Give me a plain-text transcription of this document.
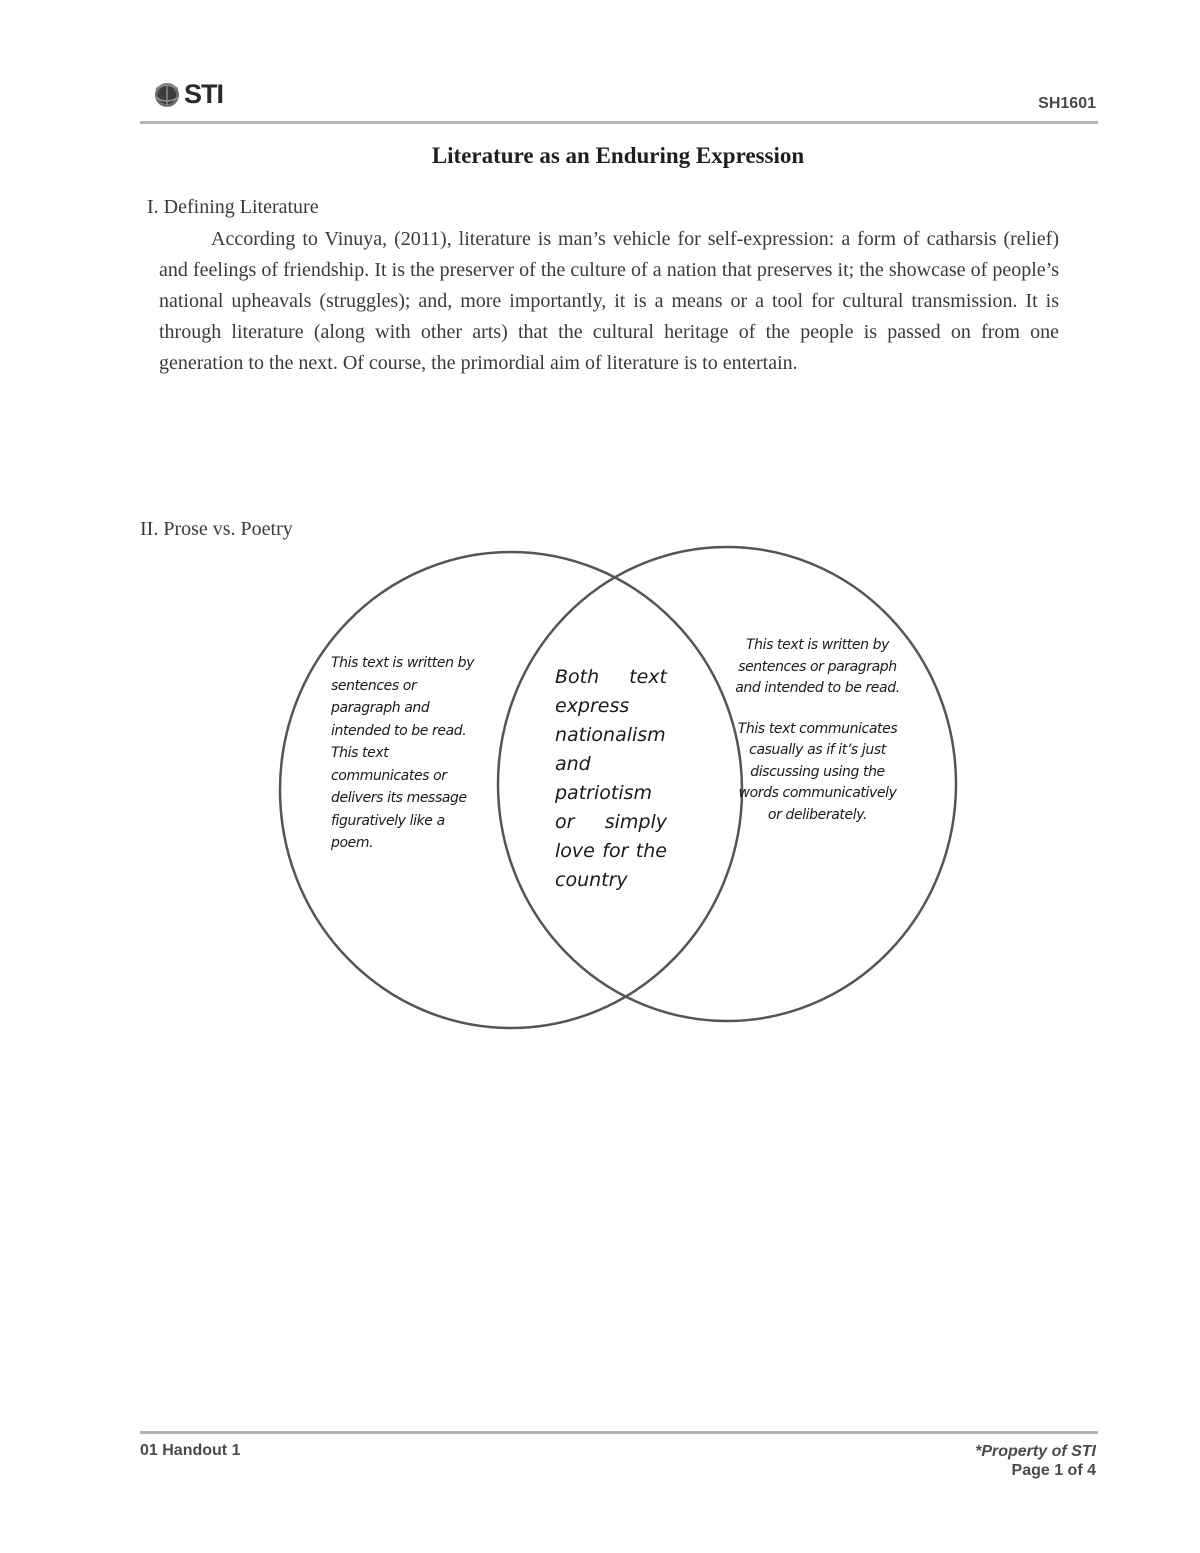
STI	SH1601
Literature as an Enduring Expression
I. Defining Literature
According to Vinuya, (2011), literature is man’s vehicle for self-expression: a form of catharsis (relief) and feelings of friendship. It is the preserver of the culture of a nation that preserves it; the showcase of people’s national upheavals (struggles); and, more importantly, it is a means or a tool for cultural transmission. It is through literature (along with other arts) that the cultural heritage of the people is passed on from one generation to the next. Of course, the primordial aim of literature is to entertain.
II. Prose vs. Poetry
This text is written by sentences or paragraph and intended to be read. This text communicates or delivers its message figuratively like a poem.
Both text express nationalism and patriotism or simply love for the country
This text is written by sentences or paragraph and intended to be read.
This text communicates casually as if it’s just discussing using the words communicatively or deliberately.
01 Handout 1	*Property of STI
Page 1 of 4
